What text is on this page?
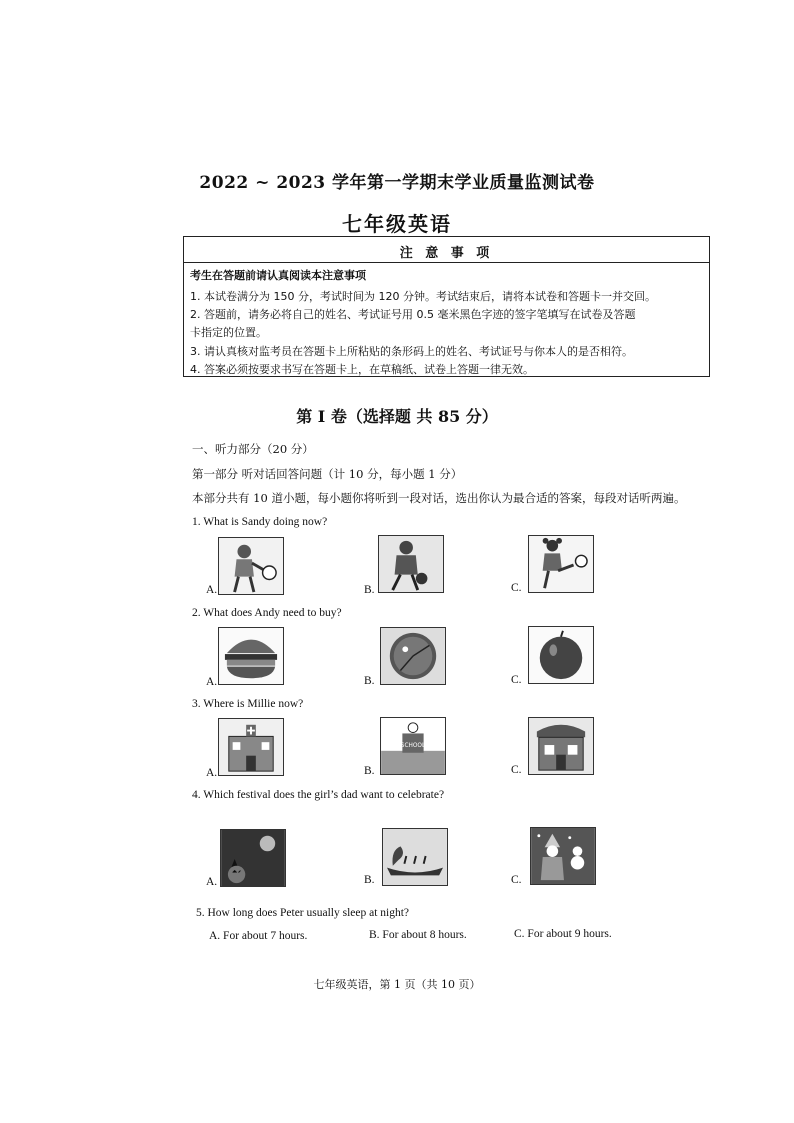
2022 ~ 2023 学年第一学期末学业质量监测试卷
七年级英语
注 意 事 项
考生在答题前请认真阅读本注意事项
1. 本试卷满分为 150 分，考试时间为 120 分钟。考试结束后，请将本试卷和答题卡一并交回。
2. 答题前，请务必将自己的姓名、考试证号用 0.5 毫米黑色字迹的签字笔填写在试卷及答题
卡指定的位置。
3. 请认真核对监考员在答题卡上所粘贴的条形码上的姓名、考试证号与你本人的是否相符。
4. 答案必须按要求书写在答题卡上，在草稿纸、试卷上答题一律无效。
第 I 卷（选择题 共 85 分）
一、听力部分（20 分）
第一部分 听对话回答问题（计 10 分，每小题 1 分）
本部分共有 10 道小题，每小题你将听到一段对话，选出你认为最合适的答案，每段对话听两遍。
1. What is Sandy doing now?
A.	B.	C.
2. What does Andy need to buy?
A.	B.	C.
3. Where is Millie now?
A.	B.
SCHOOL
C.
4. Which festival does the girl’s dad want to celebrate?
A.	B.	C.
5. How long does Peter usually sleep at night?
A. For about 7 hours.	B. For about 8 hours.	C. For about 9 hours.
七年级英语，第 1 页（共 10 页）
